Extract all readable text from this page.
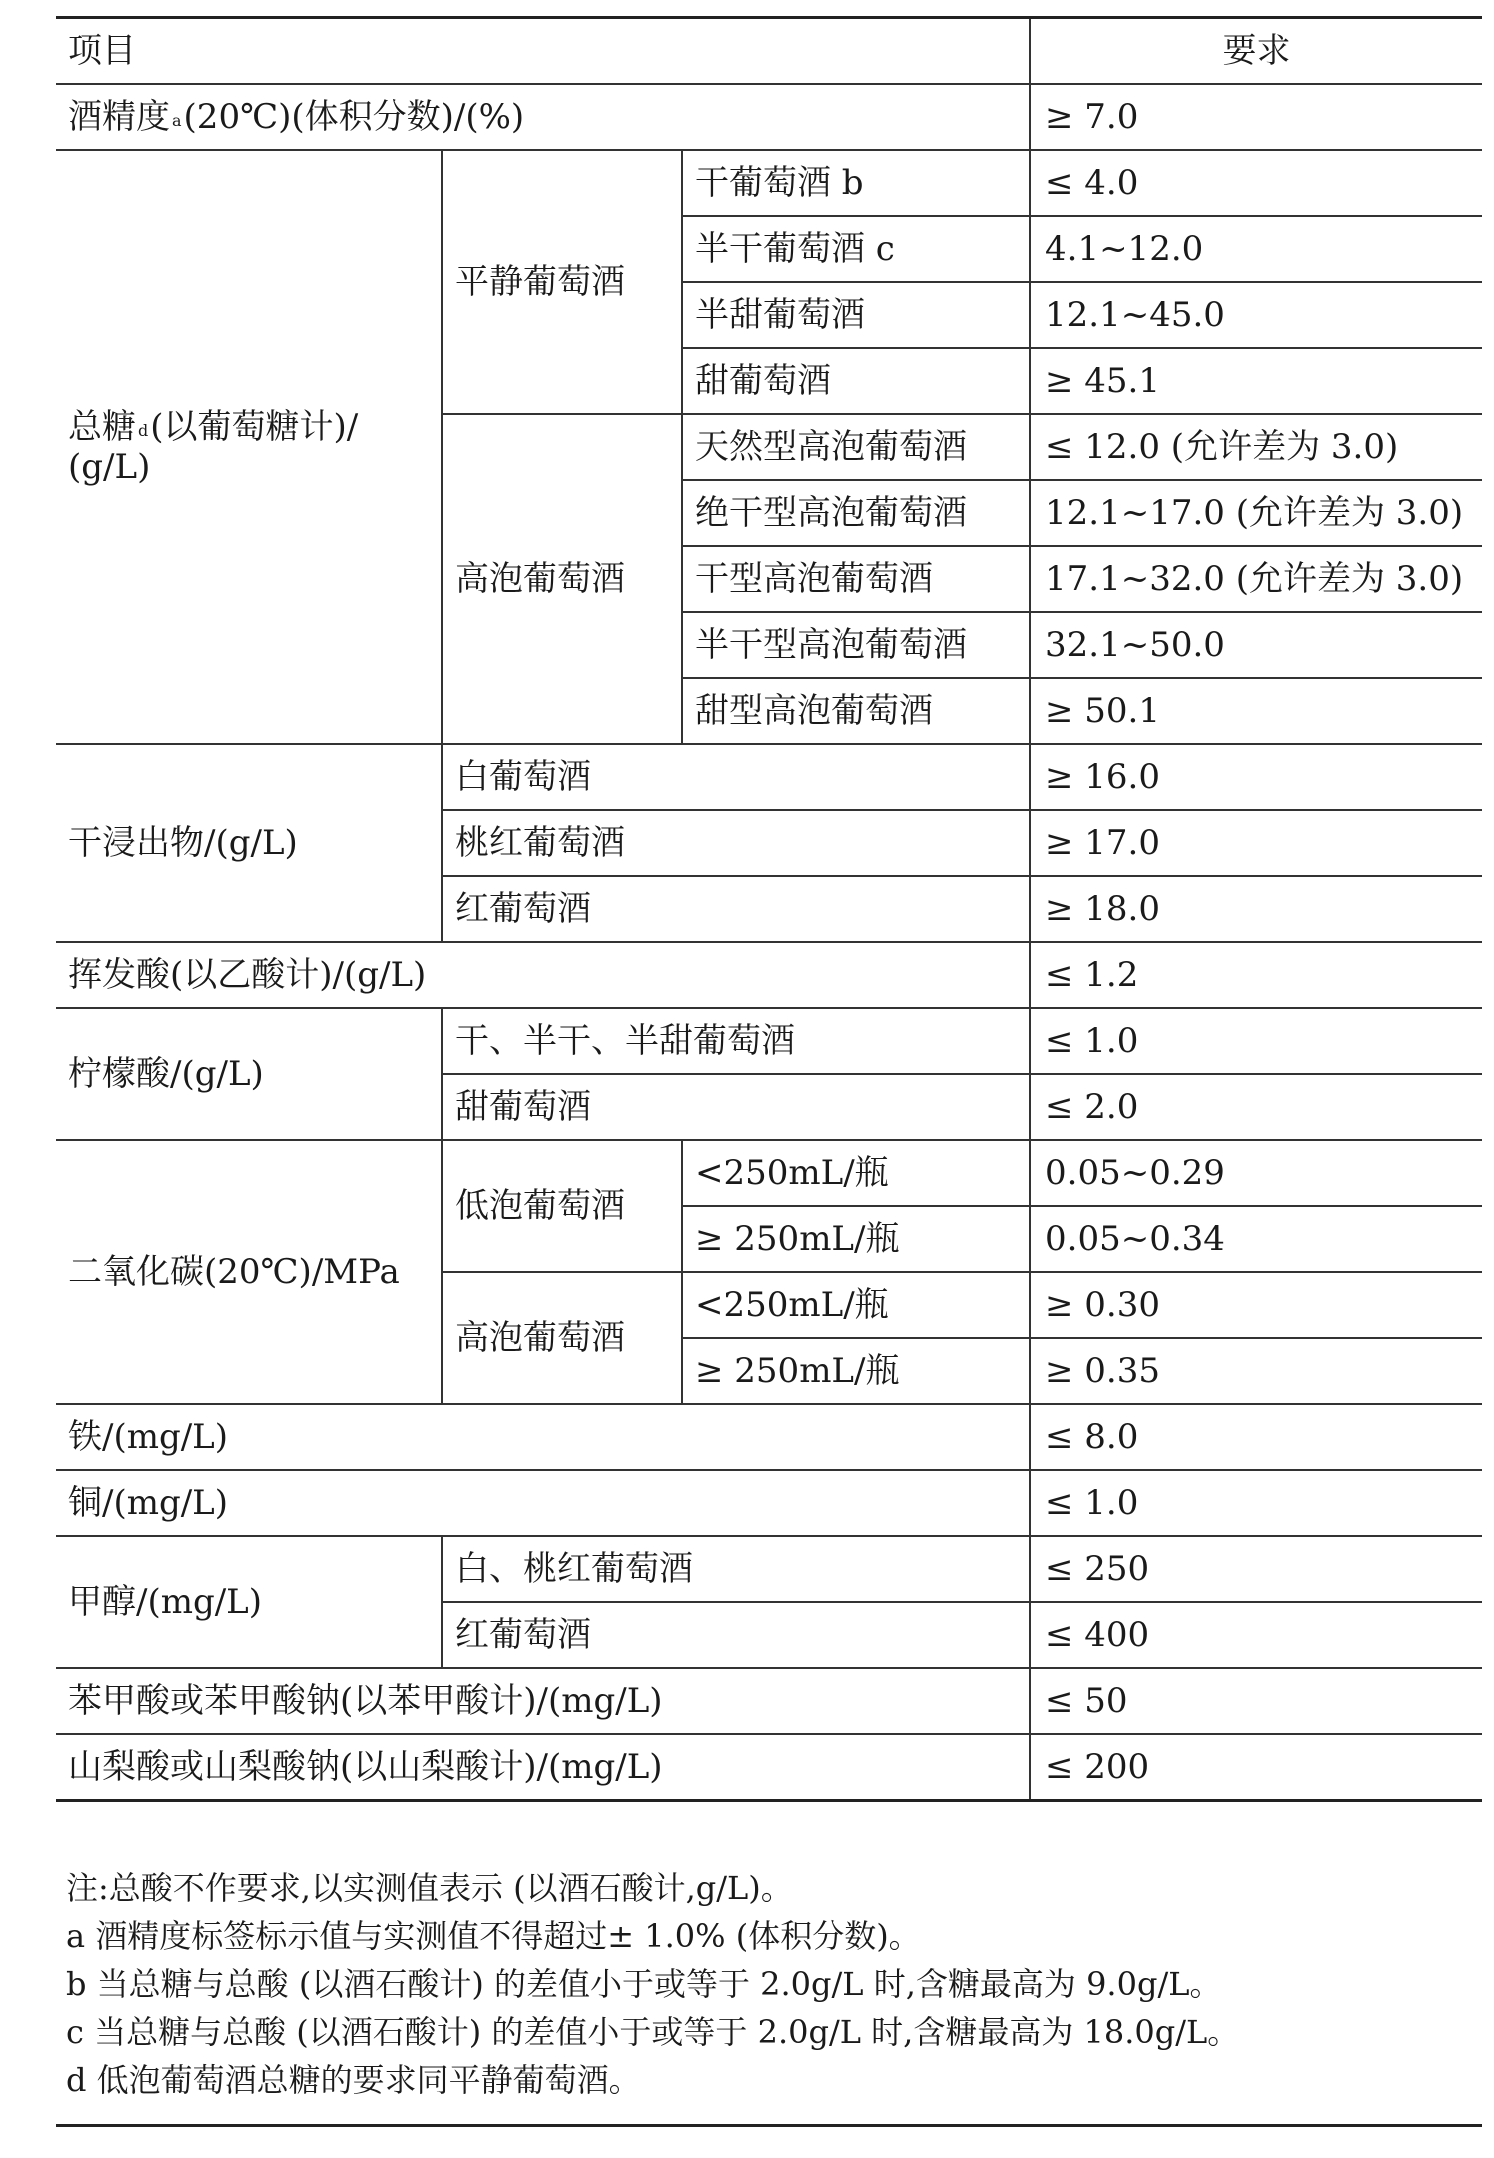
项目			要求
酒精度 $^a$(20℃)(体积分数)/(%)			≥ 7.0
总糖 $^d$(以葡萄糖计)/
(g/L)	平静葡萄酒	干葡萄酒 b	≤ 4.0
		半干葡萄酒 c	4.1~12.0
		半甜葡萄酒	12.1~45.0
		甜葡萄酒	≥ 45.1
	高泡葡萄酒	天然型高泡葡萄酒	≤ 12.0 (允许差为 3.0)
		绝干型高泡葡萄酒	12.1~17.0 (允许差为 3.0)
		干型高泡葡萄酒	17.1~32.0 (允许差为 3.0)
		半干型高泡葡萄酒	32.1~50.0
		甜型高泡葡萄酒	≥ 50.1
干浸出物/(g/L)	白葡萄酒		≥ 16.0
	桃红葡萄酒		≥ 17.0
	红葡萄酒		≥ 18.0
挥发酸(以乙酸计)/(g/L)			≤ 1.2
柠檬酸/(g/L)	干、半干、半甜葡萄酒		≤ 1.0
	甜葡萄酒		≤ 2.0
二氧化碳(20℃)/MPa	低泡葡萄酒	<250mL/瓶	0.05~0.29
		≥ 250mL/瓶	0.05~0.34
	高泡葡萄酒	<250mL/瓶	≥ 0.30
		≥ 250mL/瓶	≥ 0.35
铁/(mg/L)			≤ 8.0
铜/(mg/L)			≤ 1.0
甲醇/(mg/L)	白、桃红葡萄酒		≤ 250
	红葡萄酒		≤ 400
苯甲酸或苯甲酸钠(以苯甲酸计)/(mg/L)			≤ 50
山梨酸或山梨酸钠(以山梨酸计)/(mg/L)			≤ 200
注:总酸不作要求,以实测值表示 (以酒石酸计,g/L)。
a 酒精度标签标示值与实测值不得超过± 1.0% (体积分数)。
b 当总糖与总酸 (以酒石酸计) 的差值小于或等于 2.0g/L 时,含糖最高为 9.0g/L。
c 当总糖与总酸 (以酒石酸计) 的差值小于或等于 2.0g/L 时,含糖最高为 18.0g/L。
d 低泡葡萄酒总糖的要求同平静葡萄酒。
